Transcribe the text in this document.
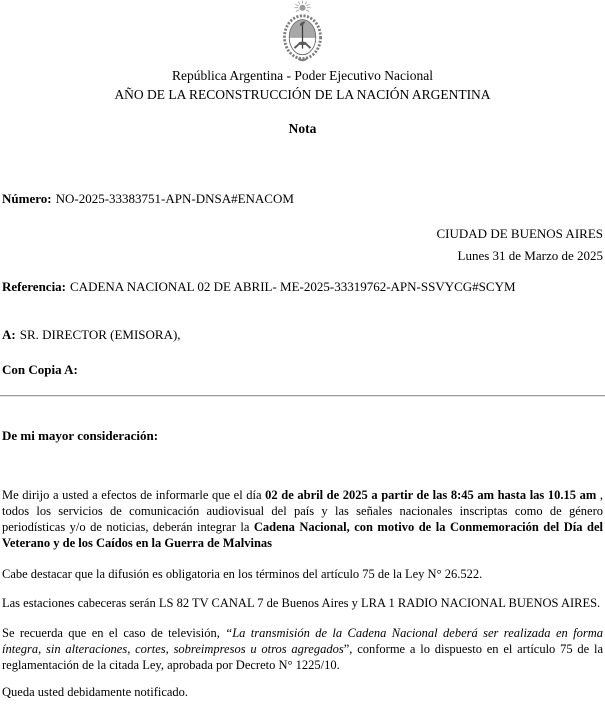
República Argentina - Poder Ejecutivo Nacional

AÑO DE LA RECONSTRUCCIÓN DE LA NACIÓN ARGENTINA

Nota

Número: NO-2025-33383751-APN-DNSA#ENACOM

CIUDAD DE BUENOS AIRES

Lunes 31 de Marzo de 2025

Referencia: CADENA NACIONAL 02 DE ABRIL- ME-2025-33319762-APN-SSVYCG#SCYM

A: SR. DIRECTOR (EMISORA),

Con Copia A:

De mi mayor consideración:

Me dirijo a usted a efectos de informarle que el día 02 de abril de 2025 a partir de las 8:45 am hasta las 10.15 am , todos los servicios de comunicación audiovisual del país y las señales nacionales inscriptas como de género periodísticas y/o de noticias, deberán integrar la Cadena Nacional, con motivo de la Conmemoración del Día del Veterano y de los Caídos en la Guerra de Malvinas

Cabe destacar que la difusión es obligatoria en los términos del artículo 75 de la Ley N° 26.522.

Las estaciones cabeceras serán LS 82 TV CANAL 7 de Buenos Aires y LRA 1 RADIO NACIONAL BUENOS AIRES.

Se recuerda que en el caso de televisión, “La transmisión de la Cadena Nacional deberá ser realizada en forma íntegra, sin alteraciones, cortes, sobreimpresos u otros agregados”, conforme a lo dispuesto en el artículo 75 de la reglamentación de la citada Ley, aprobada por Decreto N° 1225/10.

Queda usted debidamente notificado.
